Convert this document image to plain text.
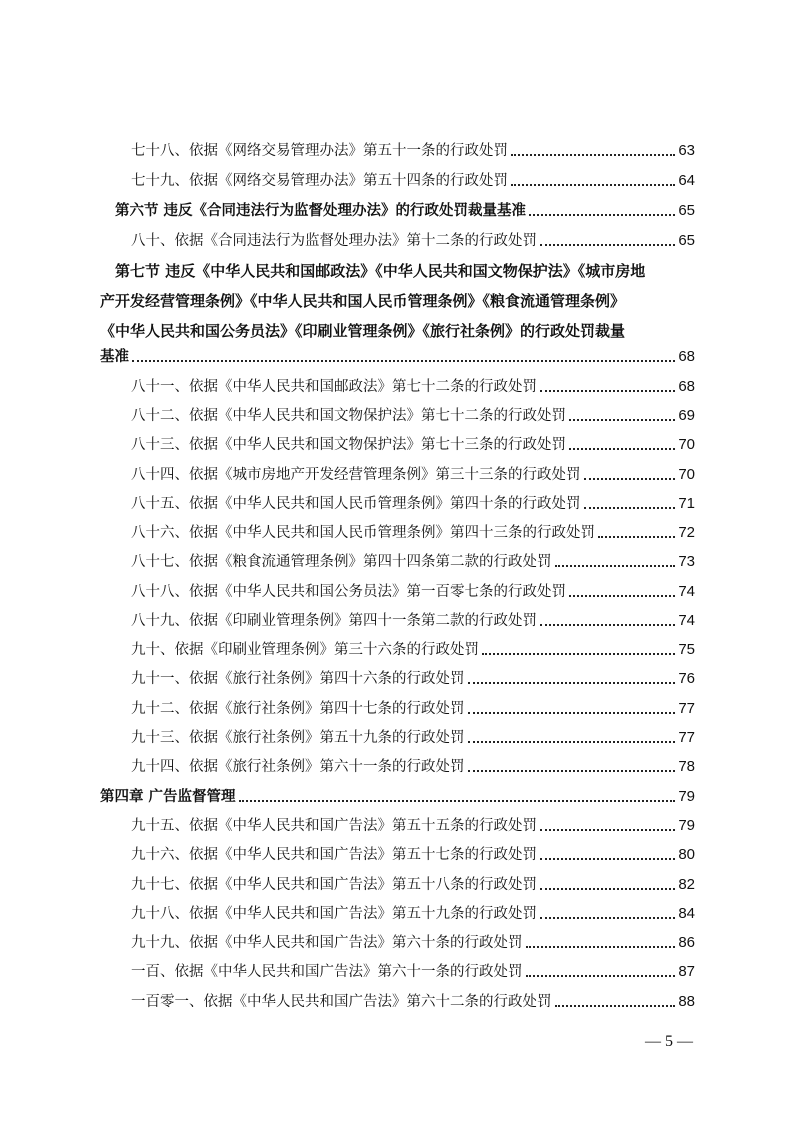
七十八、依据《网络交易管理办法》第五十一条的行政处罚	63
七十九、依据《网络交易管理办法》第五十四条的行政处罚	64
第六节 违反《合同违法行为监督处理办法》的行政处罚裁量基准	65
八十、依据《合同违法行为监督处理办法》第十二条的行政处罚	65
第七节 违反《中华人民共和国邮政法》《中华人民共和国文物保护法》《城市房地
产开发经营管理条例》《中华人民共和国人民币管理条例》《粮食流通管理条例》
《中华人民共和国公务员法》《印刷业管理条例》《旅行社条例》的行政处罚裁量
基准	68
八十一、依据《中华人民共和国邮政法》第七十二条的行政处罚	68
八十二、依据《中华人民共和国文物保护法》第七十二条的行政处罚	69
八十三、依据《中华人民共和国文物保护法》第七十三条的行政处罚	70
八十四、依据《城市房地产开发经营管理条例》第三十三条的行政处罚	70
八十五、依据《中华人民共和国人民币管理条例》第四十条的行政处罚	71
八十六、依据《中华人民共和国人民币管理条例》第四十三条的行政处罚	72
八十七、依据《粮食流通管理条例》第四十四条第二款的行政处罚	73
八十八、依据《中华人民共和国公务员法》第一百零七条的行政处罚	74
八十九、依据《印刷业管理条例》第四十一条第二款的行政处罚	74
九十、依据《印刷业管理条例》第三十六条的行政处罚	75
九十一、依据《旅行社条例》第四十六条的行政处罚	76
九十二、依据《旅行社条例》第四十七条的行政处罚	77
九十三、依据《旅行社条例》第五十九条的行政处罚	77
九十四、依据《旅行社条例》第六十一条的行政处罚	78
第四章 广告监督管理	79
九十五、依据《中华人民共和国广告法》第五十五条的行政处罚	79
九十六、依据《中华人民共和国广告法》第五十七条的行政处罚	80
九十七、依据《中华人民共和国广告法》第五十八条的行政处罚	82
九十八、依据《中华人民共和国广告法》第五十九条的行政处罚	84
九十九、依据《中华人民共和国广告法》第六十条的行政处罚	86
一百、依据《中华人民共和国广告法》第六十一条的行政处罚	87
一百零一、依据《中华人民共和国广告法》第六十二条的行政处罚	88
— 5 —
